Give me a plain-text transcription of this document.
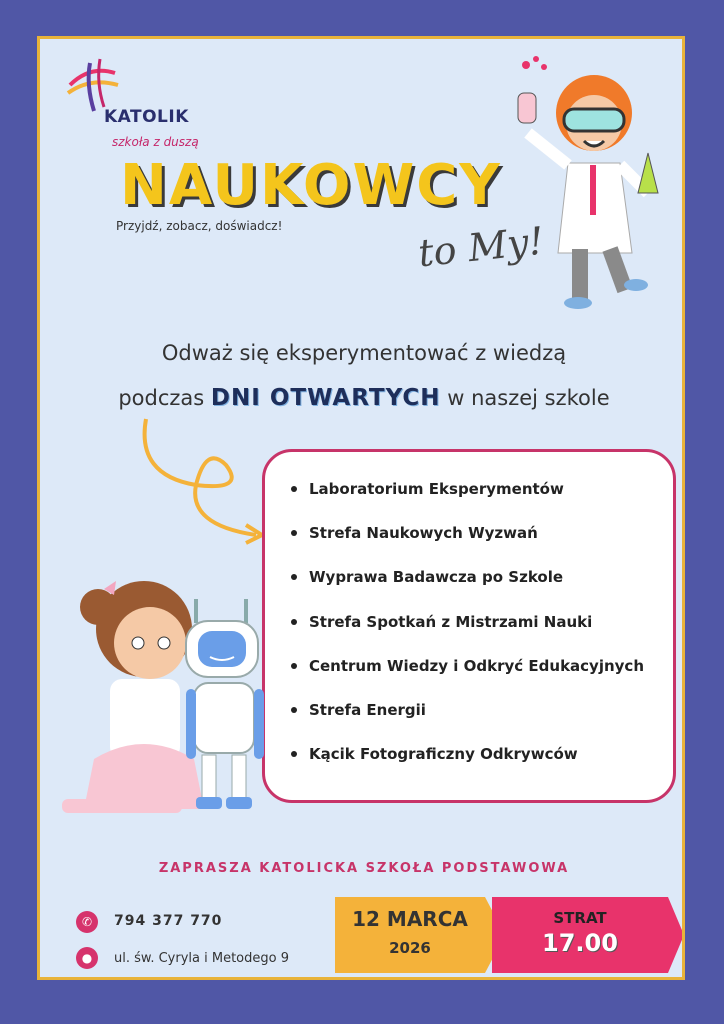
KATOLIK
szkoła z duszą
NAUKOWCY
Przyjdź, zobacz, doświadcz!	to My!
Odważ się eksperymentować z wiedzą
podczas DNI OTWARTYCH w naszej szkole
Laboratorium Eksperymentów
Strefa Naukowych Wyzwań
Wyprawa Badawcza po Szkole
Strefa Spotkań z Mistrzami Nauki
Centrum Wiedzy i Odkryć Edukacyjnych
Strefa Energii
Kącik Fotograficzny Odkrywców
ZAPRASZA KATOLICKA SZKOŁA PODSTAWOWA
✆	794 377 770
●	ul. św. Cyryla i Metodego 9
12 MARCA
2026
STRAT
17.00
